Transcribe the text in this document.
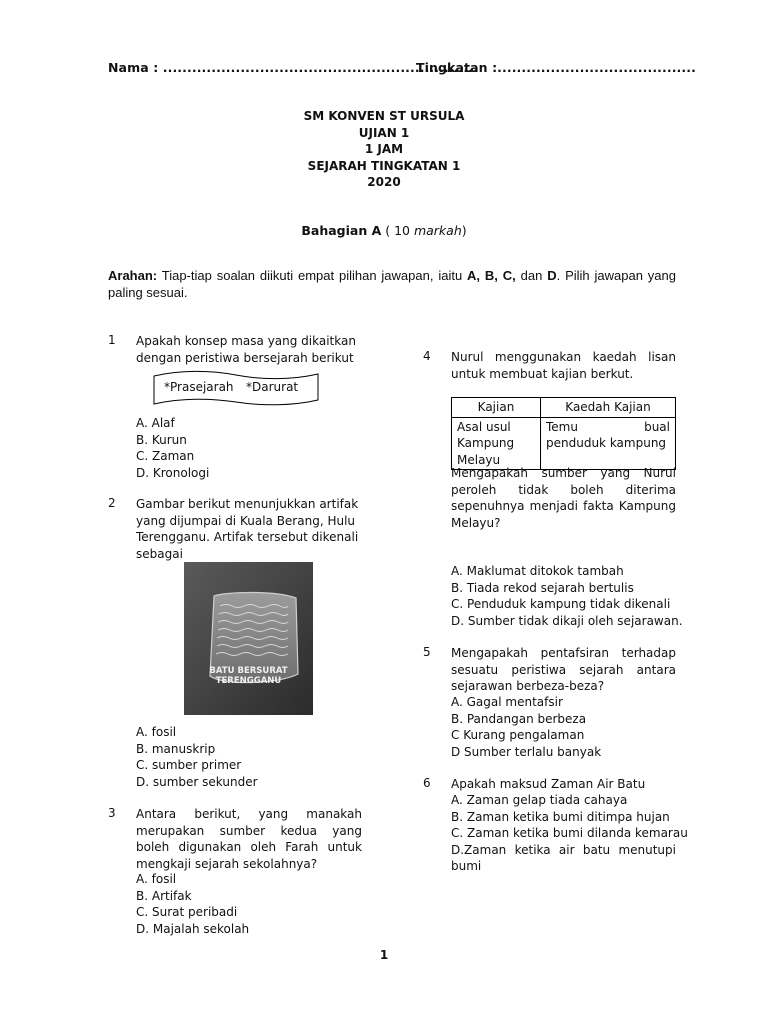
Nama : .................................................................
Tingkatan :.........................................
SM KONVEN ST URSULA
UJIAN 1
1 JAM
SEJARAH TINGKATAN 1
2020
Bahagian A ( 10 markah)
Arahan: Tiap-tiap soalan diikuti empat pilihan jawapan, iaitu A, B, C, dan D. Pilih jawapan yang paling sesuai.
1	Apakah konsep masa yang dikaitkan dengan peristiwa bersejarah berikut
*Prasejarah *Darurat
A. Alaf
B. Kurun
C. Zaman
D. Kronologi
2	Gambar berikut menunjukkan artifak yang dijumpai di Kuala Berang, Hulu Terengganu. Artifak tersebut dikenali sebagai
BATU BERSURAT
TERENGGANU
A. fosil
B. manuskrip
C. sumber primer
D. sumber sekunder
3	Antara berikut, yang manakah merupakan sumber kedua yang boleh digunakan oleh Farah untuk mengkaji sejarah sekolahnya?
A. fosil
B. Artifak
C. Surat peribadi
D. Majalah sekolah
4	Nurul menggunakan kaedah lisan untuk membuat kajian berkut.
Kajian	Kaedah Kajian
Asal usul Kampung Melayu	Temu bual penduduk kampung
Mengapakah sumber yang Nurul peroleh tidak boleh diterima sepenuhnya menjadi fakta Kampung Melayu?
A. Maklumat ditokok tambah
B. Tiada rekod sejarah bertulis
C. Penduduk kampung tidak dikenali
D. Sumber tidak dikaji oleh sejarawan.
5	Mengapakah pentafsiran terhadap sesuatu peristiwa sejarah antara sejarawan berbeza-beza?
A. Gagal mentafsir
B. Pandangan berbeza
C Kurang pengalaman
D Sumber terlalu banyak
6	Apakah maksud Zaman Air Batu
A. Zaman gelap tiada cahaya
B. Zaman ketika bumi ditimpa hujan
C. Zaman ketika bumi dilanda kemarau
D.Zaman ketika air batu menutupi bumi
1
